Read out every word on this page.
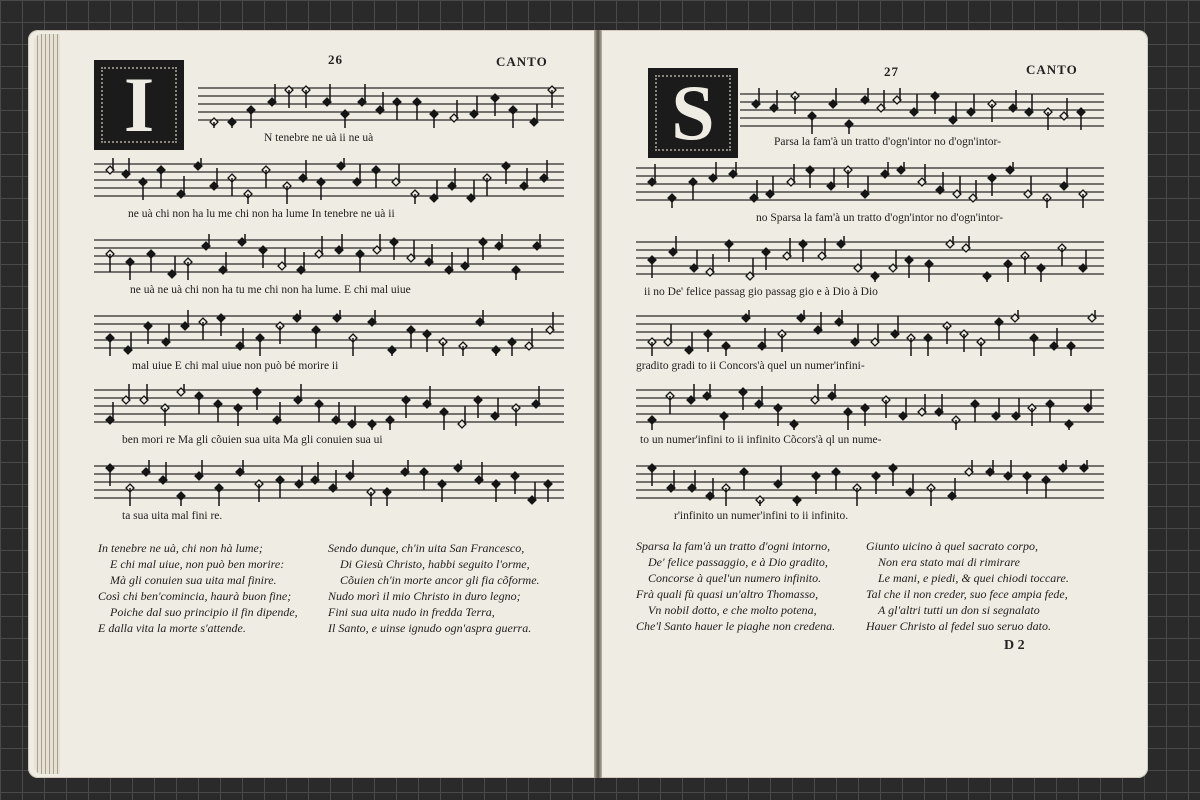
26	CANTO
I	N tenebre ne uà ii ne uà
ne uà chi non ha lu me chi non ha lume In tenebre ne uà ii
ne uà ne uà chi non ha tu me chi non ha lume. E chi mal uiue
mal uiue E chi mal uiue non può bé morire ii
ben mori re Ma gli cõuien sua uita Ma gli conuien sua ui
ta sua uita mal fini re.
In tenebre ne uà, chi non hà lume;
E chi mal uiue, non può ben morire:
Mà gli conuien sua uita mal finire.
Sendo dunque, ch'in uita San Francesco,
Di Giesù Christo, habbi seguito l'orme,
Cõuien ch'in morte ancor gli fia cõforme.
Così chi ben'comincia, haurà buon fine;
Poiche dal suo principio il fin dipende,
E dalla vita la morte s'attende.
Nudo morì il mio Christo in duro legno;
Fini sua uita nudo in fredda Terra,
Il Santo, e uinse ignudo ogn'aspra guerra.
27	CANTO
S	Parsa la fam'à un tratto d'ogn'intor no d'ogn'intor-
no Sparsa la fam'à un tratto d'ogn'intor no d'ogn'intor-
ii no De' felice passag gio passag gio e à Dio à Dio
gradito gradi to ii Concors'à quel un numer'infini-
to un numer'infini to ii infinito Cõcors'à ql un nume-
r'infinito un numer'infini to ii infinito.
Sparsa la fam'à un tratto d'ogni intorno,
De' felice passaggio, e à Dio gradito,
Concorse à quel'un numero infinito.
Giunto uicino à quel sacrato corpo,
Non era stato mai di rimirare
Le mani, e piedi, & quei chiodi toccare.
Frà quali fù quasi un'altro Thomasso,
Vn nobil dotto, e che molto potena,
Che'l Santo hauer le piaghe non credena.
Tal che il non creder, suo fece ampia fede,
A gl'altri tutti un don si segnalato
Hauer Christo al fedel suo seruo dato.
D 2
